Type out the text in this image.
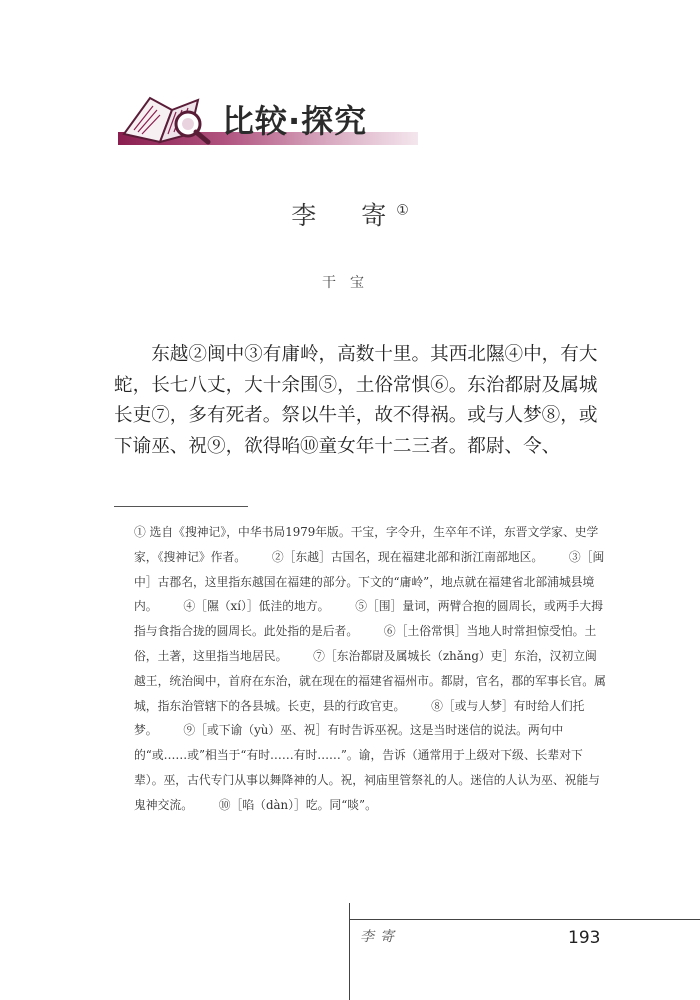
比较·探究
李　寄①
干宝

东越②闽中③有庸岭，高数十里。其西北隰④中，有大蛇，长七八丈，大十余围⑤，土俗常惧⑥。东治都尉及属城长吏⑦，多有死者。祭以牛羊，故不得祸。或与人梦⑧，或下谕巫、祝⑨，欲得啗⑩童女年十二三者。都尉、令、

① 选自《搜神记》，中华书局1979年版。干宝，字令升，生卒年不详，东晋文学家、史学家，《搜神记》作者。 ②［东越］古国名，现在福建北部和浙江南部地区。 ③［闽中］古郡名，这里指东越国在福建的部分。下文的“庸岭”，地点就在福建省北部浦城县境内。 ④［隰（xí）］低洼的地方。 ⑤［围］量词，两臂合抱的圆周长，或两手大拇指与食指合拢的圆周长。此处指的是后者。 ⑥［土俗常惧］当地人时常担惊受怕。土俗，土著，这里指当地居民。 ⑦［东治都尉及属城长（zhǎng）吏］东治，汉初立闽越王，统治闽中，首府在东治，就在现在的福建省福州市。都尉，官名，郡的军事长官。属城，指东治管辖下的各县城。长吏，县的行政官吏。 ⑧［或与人梦］有时给人们托梦。 ⑨［或下谕（yù）巫、祝］有时告诉巫祝。这是当时迷信的说法。两句中的“或……或”相当于“有时……有时……”。谕，告诉（通常用于上级对下级、长辈对下辈）。巫，古代专门从事以舞降神的人。祝，祠庙里管祭礼的人。迷信的人认为巫、祝能与鬼神交流。 ⑩［啗（dàn）］吃。同“啖”。

李寄	193
